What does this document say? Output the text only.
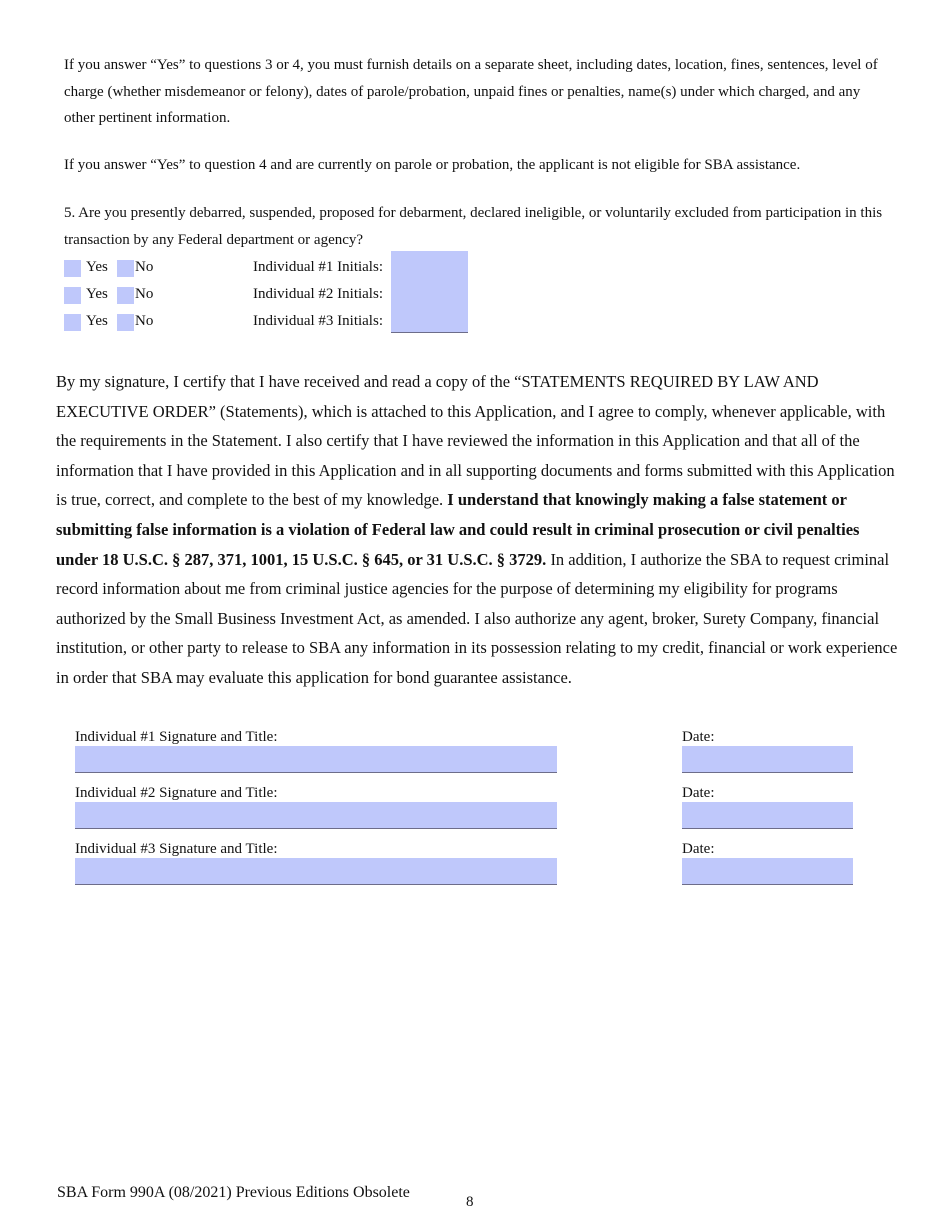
If you answer “Yes” to questions 3 or 4, you must furnish details on a separate sheet, including dates, location, fines, sentences, level of charge (whether misdemeanor or felony), dates of parole/probation, unpaid fines or penalties, name(s) under which charged, and any other pertinent information.

If you answer “Yes” to question 4 and are currently on parole or probation, the applicant is not eligible for SBA assistance.

5. Are you presently debarred, suspended, proposed for debarment, declared ineligible, or voluntarily excluded from participation in this transaction by any Federal department or agency?

Yes No	Individual #1 Initials:
Yes No	Individual #2 Initials:
Yes No	Individual #3 Initials:

By my signature, I certify that I have received and read a copy of the “STATEMENTS REQUIRED BY LAW AND EXECUTIVE ORDER” (Statements), which is attached to this Application, and I agree to comply, whenever applicable, with the requirements in the Statement. I also certify that I have reviewed the information in this Application and that all of the information that I have provided in this Application and in all supporting documents and forms submitted with this Application is true, correct, and complete to the best of my knowledge. I understand that knowingly making a false statement or submitting false information is a violation of Federal law and could result in criminal prosecution or civil penalties under 18 U.S.C. § 287, 371, 1001, 15 U.S.C. § 645, or 31 U.S.C. § 3729. In addition, I authorize the SBA to request criminal record information about me from criminal justice agencies for the purpose of determining my eligibility for programs authorized by the Small Business Investment Act, as amended. I also authorize any agent, broker, Surety Company, financial institution, or other party to release to SBA any information in its possession relating to my credit, financial or work experience in order that SBA may evaluate this application for bond guarantee assistance.

Individual #1 Signature and Title:	Date:
Individual #2 Signature and Title:	Date:
Individual #3 Signature and Title:	Date:
SBA Form 990A (08/2021) Previous Editions Obsolete
8
